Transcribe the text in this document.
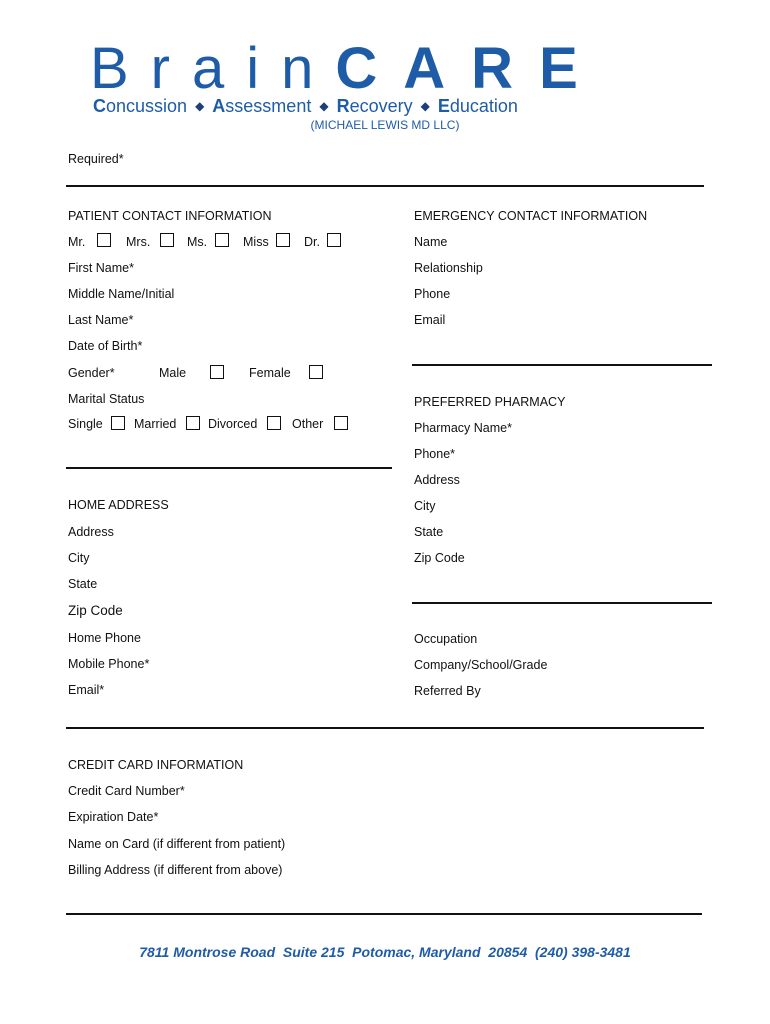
BrainCARE
Concussion ◆ Assessment ◆ Recovery ◆ Education
(MICHAEL LEWIS MD LLC)
Required*
PATIENT CONTACT INFORMATION
Mr.	Mrs.	Ms.	Miss	Dr.
First Name*
Middle Name/Initial
Last Name*
Date of Birth*
Gender*	Male	Female
Marital Status
Single	Married	Divorced	Other
EMERGENCY CONTACT INFORMATION
Name
Relationship
Phone
Email
PREFERRED PHARMACY
Pharmacy Name*
Phone*
Address
City
State
Zip Code
HOME ADDRESS
Address
City
State
Zip Code
Home Phone
Mobile Phone*
Email*
Occupation
Company/School/Grade
Referred By
CREDIT CARD INFORMATION
Credit Card Number*
Expiration Date*
Name on Card (if different from patient)
Billing Address (if different from above)
7811 Montrose Road  Suite 215  Potomac, Maryland  20854  (240) 398-3481
